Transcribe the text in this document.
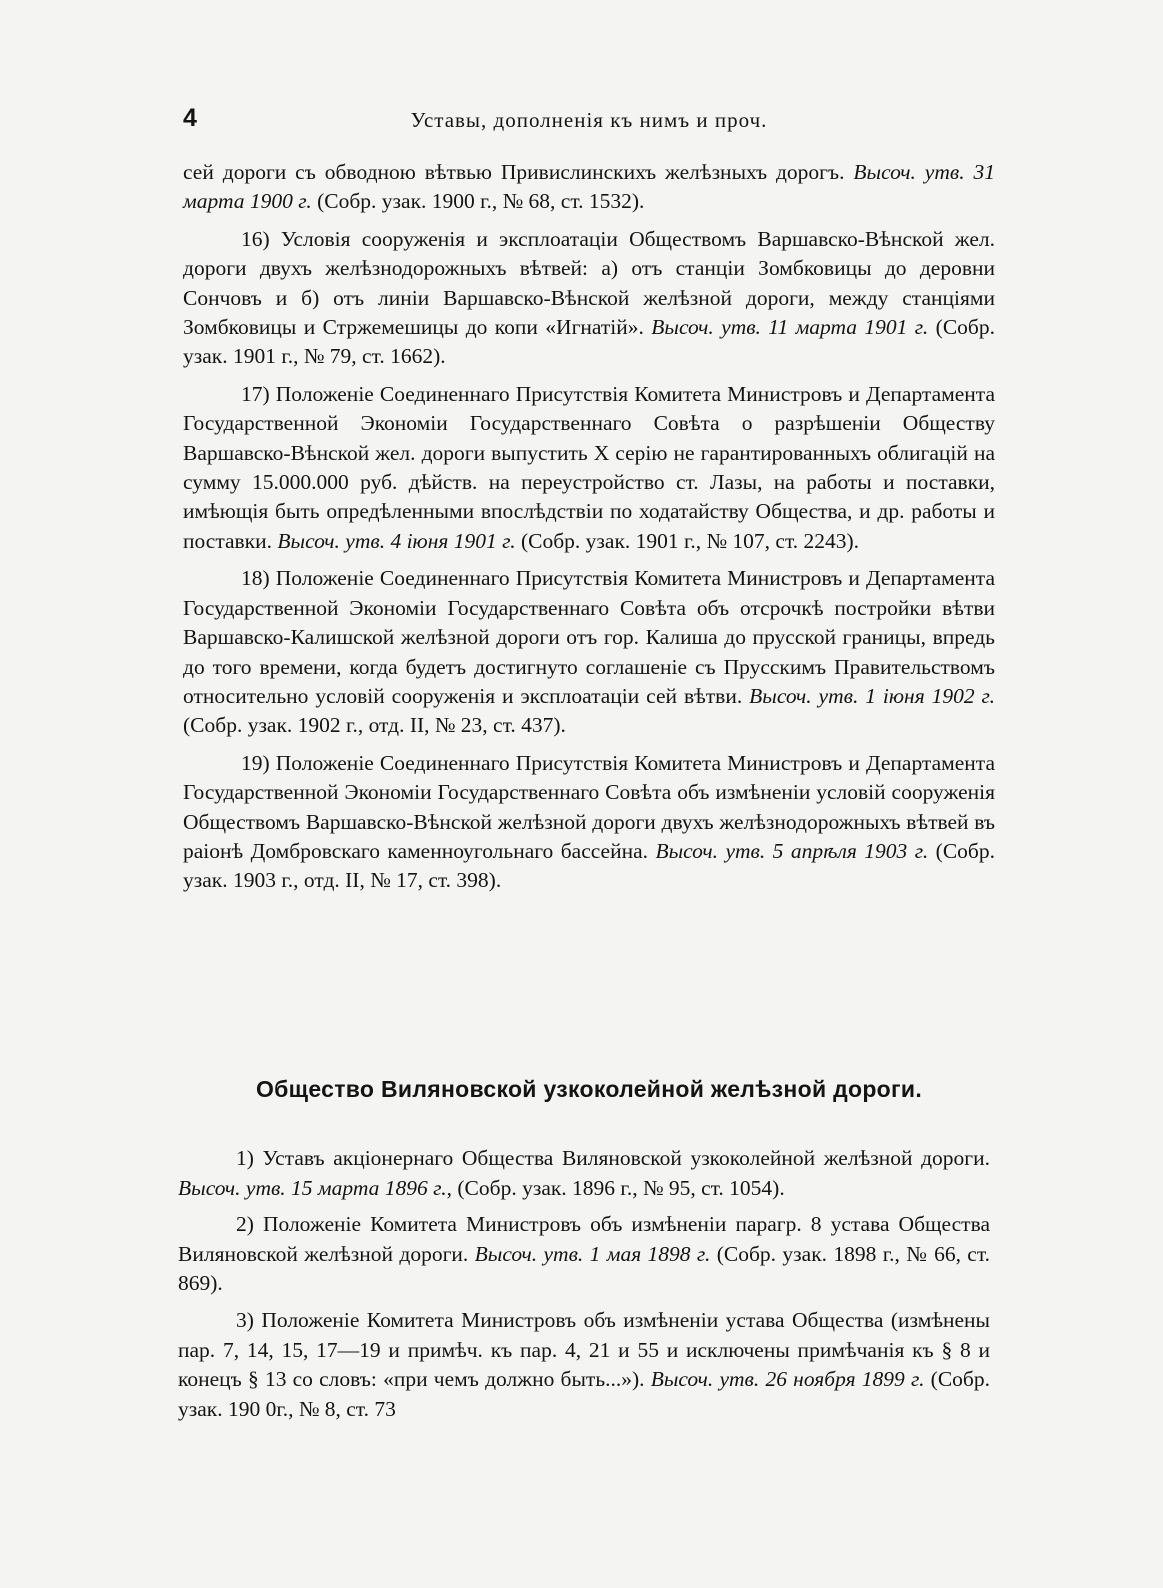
4	Уставы, дополненія къ нимъ и проч.

сей дороги съ обводною вѣтвью Привислинскихъ желѣзныхъ дорогъ. Высоч. утв. 31 марта 1900 г. (Собр. узак. 1900 г., № 68, ст. 1532).

16) Условія сооруженія и эксплоатаціи Обществомъ Варшавско-Вѣнской жел. дороги двухъ желѣзнодорожныхъ вѣтвей: а) отъ станціи Зомбковицы до деровни Сончовъ и б) отъ линіи Варшавско-Вѣнской желѣзной дороги, между станціями Зомбковицы и Стржемешицы до копи «Игнатій». Высоч. утв. 11 марта 1901 г. (Собр. узак. 1901 г., № 79, ст. 1662).

17) Положеніе Соединеннаго Присутствія Комитета Министровъ и Департамента Государственной Экономіи Государственнаго Совѣта о разрѣшеніи Обществу Варшавско-Вѣнской жел. дороги выпустить X серію не гарантированныхъ облигацій на сумму 15.000.000 руб. дѣйств. на переустройство ст. Лазы, на работы и поставки, имѣющія быть опредѣленными впослѣдствіи по ходатайству Общества, и др. работы и поставки. Высоч. утв. 4 іюня 1901 г. (Собр. узак. 1901 г., № 107, ст. 2243).

18) Положеніе Соединеннаго Присутствія Комитета Министровъ и Департамента Государственной Экономіи Государственнаго Совѣта объ отсрочкѣ постройки вѣтви Варшавско-Калишской желѣзной дороги отъ гор. Калиша до прусской границы, впредь до того времени, когда будетъ достигнуто соглашеніе съ Прусскимъ Правительствомъ относительно условій сооруженія и эксплоатаціи сей вѣтви. Высоч. утв. 1 іюня 1902 г. (Собр. узак. 1902 г., отд. II, № 23, ст. 437).

19) Положеніе Соединеннаго Присутствія Комитета Министровъ и Департамента Государственной Экономіи Государственнаго Совѣта объ измѣненіи условій сооруженія Обществомъ Варшавско-Вѣнской желѣзной дороги двухъ желѣзнодорожныхъ вѣтвей въ раіонѣ Домбровскаго каменноугольнаго бассейна. Высоч. утв. 5 апрѣля 1903 г. (Собр. узак. 1903 г., отд. II, № 17, ст. 398).

Общество Виляновской узкоколейной желѣзной дороги.

1) Уставъ акціонернаго Общества Виляновской узкоколейной желѣзной дороги. Высоч. утв. 15 марта 1896 г., (Собр. узак. 1896 г., № 95, ст. 1054).

2) Положеніе Комитета Министровъ объ измѣненіи парагр. 8 устава Общества Виляновской желѣзной дороги. Высоч. утв. 1 мая 1898 г. (Собр. узак. 1898 г., № 66, ст. 869).

3) Положеніе Комитета Министровъ объ измѣненіи устава Общества (измѣнены пар. 7, 14, 15, 17—19 и примѣч. къ пар. 4, 21 и 55 и исключены примѣчанія къ § 8 и конецъ § 13 со словъ: «при чемъ должно быть...»). Высоч. утв. 26 ноября 1899 г. (Собр. узак. 190 0г., № 8, ст. 73
